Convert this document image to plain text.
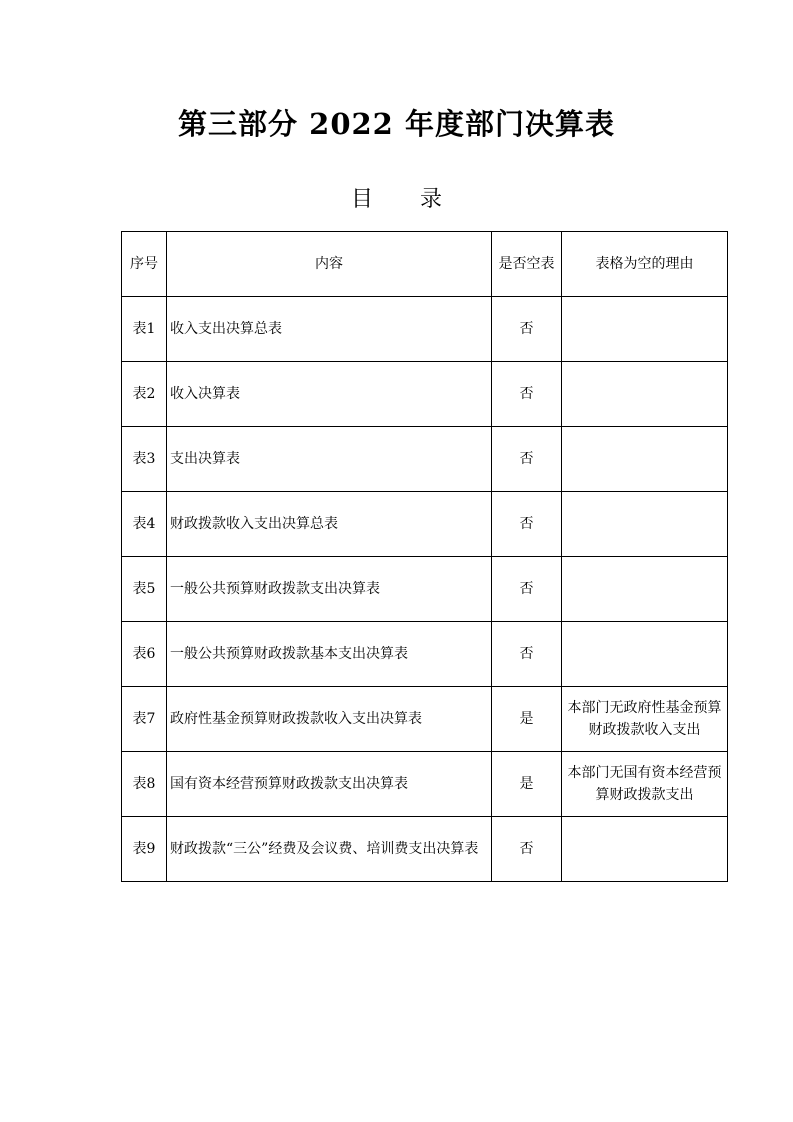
第三部分 2022 年度部门决算表
目 录
序号	内容	是否空表	表格为空的理由
表1	收入支出决算总表	否	
表2	收入决算表	否	
表3	支出决算表	否	
表4	财政拨款收入支出决算总表	否	
表5	一般公共预算财政拨款支出决算表	否	
表6	一般公共预算财政拨款基本支出决算表	否	
表7	政府性基金预算财政拨款收入支出决算表	是	本部门无政府性基金预算财政拨款收入支出
表8	国有资本经营预算财政拨款支出决算表	是	本部门无国有资本经营预算财政拨款支出
表9	财政拨款“三公”经费及会议费、培训费支出决算表	否	
